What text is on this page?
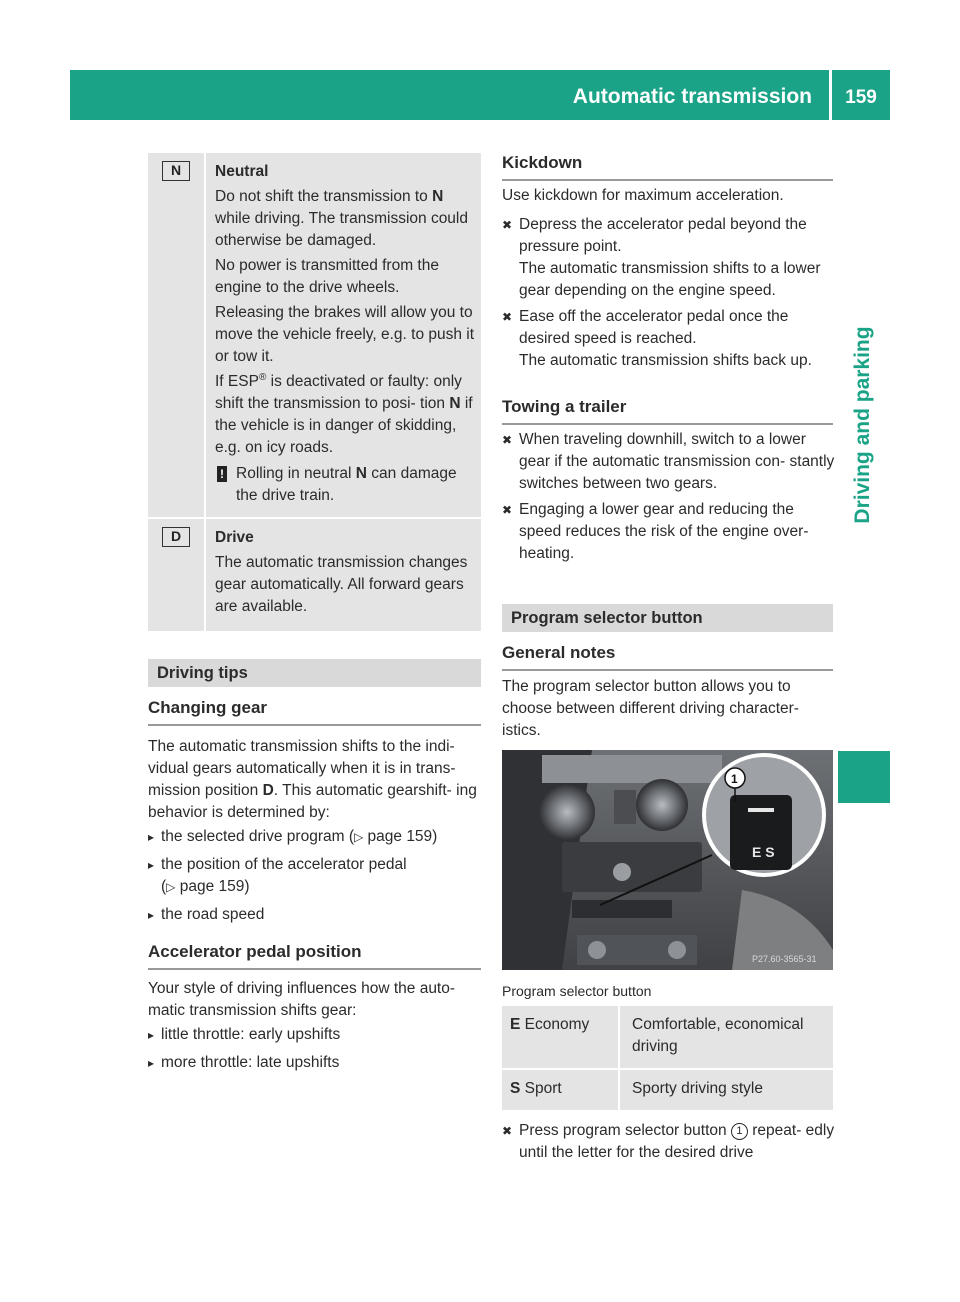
Automatic transmission	159
Driving and parking
N	Neutral

Do not shift the transmission to N while driving. The transmission could otherwise be damaged.

No power is transmitted from the engine to the drive wheels.

Releasing the brakes will allow you to move the vehicle freely, e.g. to push it or tow it.

If ESP® is deactivated or faulty: only shift the transmission to posi- tion N if the vehicle is in danger of skidding, e.g. on icy roads.

! Rolling in neutral N can damage the drive train.

D	Drive

The automatic transmission changes gear automatically. All forward gears are available.

Driving tips
Changing gear

The automatic transmission shifts to the indi- vidual gears automatically when it is in trans- mission position D. This automatic gearshift- ing behavior is determined by:

▸ the selected drive program (▷ page 159)
▸ the position of the accelerator pedal
(▷ page 159)
▸ the road speed
Accelerator pedal position

Your style of driving influences how the auto- matic transmission shifts gear:

▸ little throttle: early upshifts
▸ more throttle: late upshifts
Kickdown

Use kickdown for maximum acceleration.

✖ Depress the accelerator pedal beyond the pressure point.
The automatic transmission shifts to a lower gear depending on the engine speed.
✖ Ease off the accelerator pedal once the desired speed is reached.
The automatic transmission shifts back up.
Towing a trailer
✖ When traveling downhill, switch to a lower gear if the automatic transmission con- stantly switches between two gears.
✖ Engaging a lower gear and reducing the speed reduces the risk of the engine over- heating.
Program selector button
General notes

The program selector button allows you to choose between different driving character- istics.

E S
1
P27.60-3565-31
Program selector button
E Economy	Comfortable, economical driving
S Sport	Sporty driving style
✖ Press program selector button 1 repeat- edly until the letter for the desired drive
